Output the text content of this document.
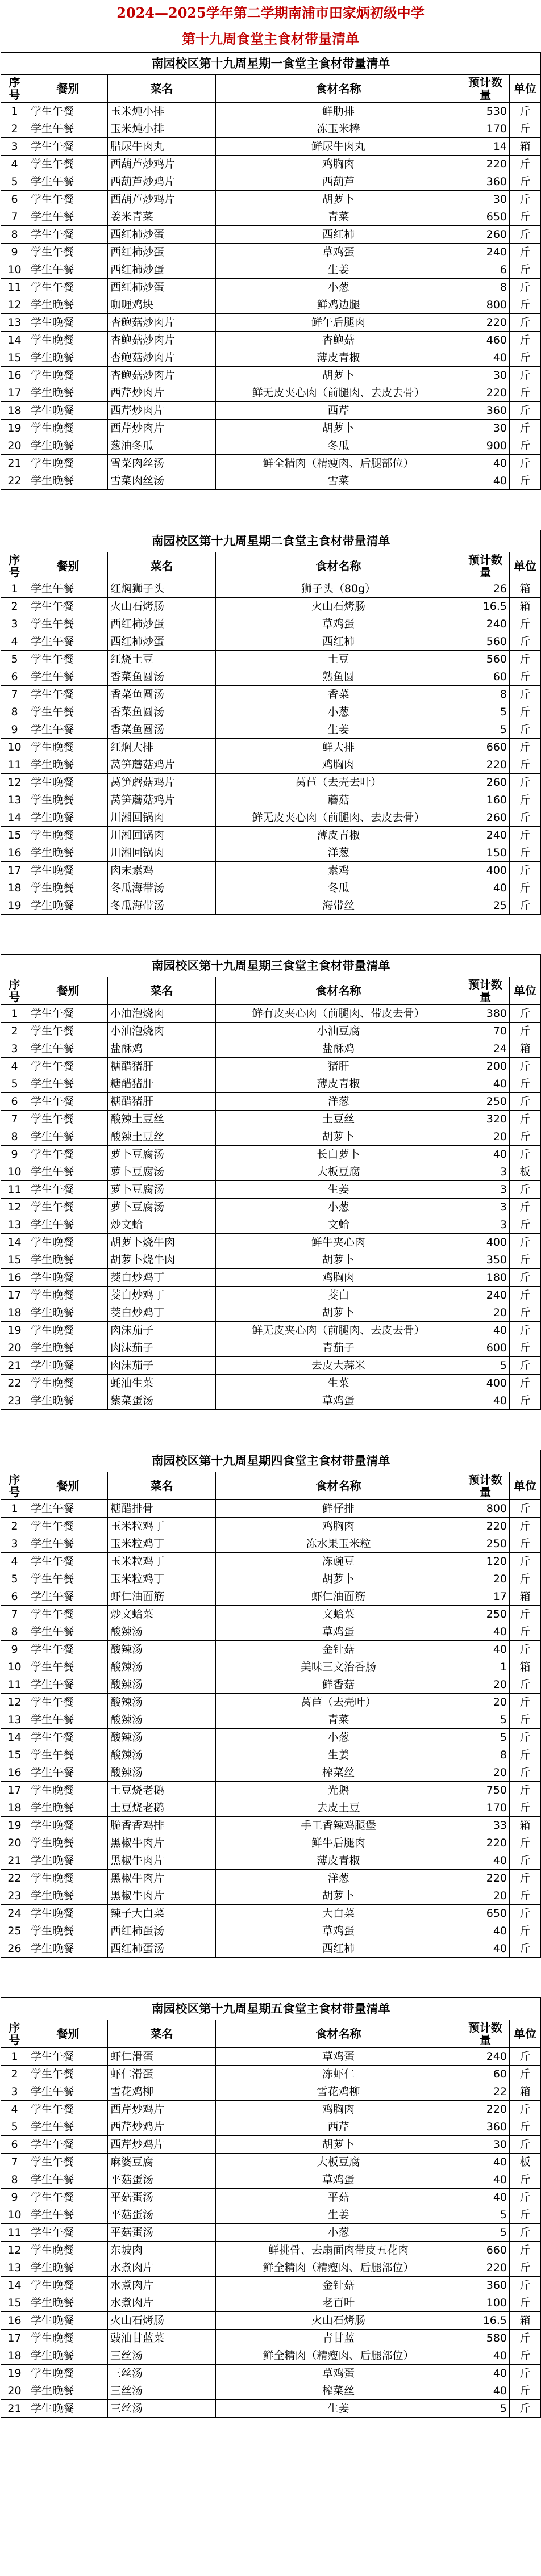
2024—2025学年第二学期南浦市田家炳初级中学
第十九周食堂主食材带量清单
南园校区第十九周星期一食堂主食材带量清单					
序号	餐别	菜名	食材名称	预计数量	单位
1	学生午餐	玉米炖小排	鲜肋排	530	斤
2	学生午餐	玉米炖小排	冻玉米棒	170	斤
3	学生午餐	腊尿牛肉丸	鲜尿牛肉丸	14	箱
4	学生午餐	西葫芦炒鸡片	鸡胸肉	220	斤
5	学生午餐	西葫芦炒鸡片	西葫芦	360	斤
6	学生午餐	西葫芦炒鸡片	胡萝卜	30	斤
7	学生午餐	姜米青菜	青菜	650	斤
8	学生午餐	西红柿炒蛋	西红柿	260	斤
9	学生午餐	西红柿炒蛋	草鸡蛋	240	斤
10	学生午餐	西红柿炒蛋	生姜	6	斤
11	学生午餐	西红柿炒蛋	小葱	8	斤
12	学生晚餐	咖喱鸡块	鲜鸡边腿	800	斤
13	学生晚餐	杏鲍菇炒肉片	鲜午后腿肉	220	斤
14	学生晚餐	杏鲍菇炒肉片	杏鲍菇	460	斤
15	学生晚餐	杏鲍菇炒肉片	薄皮青椒	40	斤
16	学生晚餐	杏鲍菇炒肉片	胡萝卜	30	斤
17	学生晚餐	西芹炒肉片	鲜无皮夹心肉（前腿肉、去皮去骨）	220	斤
18	学生晚餐	西芹炒肉片	西芹	360	斤
19	学生晚餐	西芹炒肉片	胡萝卜	30	斤
20	学生晚餐	葱油冬瓜	冬瓜	900	斤
21	学生晚餐	雪菜肉丝汤	鲜全精肉（精瘦肉、后腿部位）	40	斤
22	学生晚餐	雪菜肉丝汤	雪菜	40	斤
南园校区第十九周星期二食堂主食材带量清单					
序号	餐别	菜名	食材名称	预计数量	单位
1	学生午餐	红焖狮子头	狮子头（80g）	26	箱
2	学生午餐	火山石烤肠	火山石烤肠	16.5	箱
3	学生午餐	西红柿炒蛋	草鸡蛋	240	斤
4	学生午餐	西红柿炒蛋	西红柿	560	斤
5	学生午餐	红烧土豆	土豆	560	斤
6	学生午餐	香菜鱼圆汤	熟鱼圆	60	斤
7	学生午餐	香菜鱼圆汤	香菜	8	斤
8	学生午餐	香菜鱼圆汤	小葱	5	斤
9	学生午餐	香菜鱼圆汤	生姜	5	斤
10	学生晚餐	红焖大排	鲜大排	660	斤
11	学生晚餐	莴笋蘑菇鸡片	鸡胸肉	220	斤
12	学生晚餐	莴笋蘑菇鸡片	莴苣（去壳去叶）	260	斤
13	学生晚餐	莴笋蘑菇鸡片	蘑菇	160	斤
14	学生晚餐	川湘回锅肉	鲜无皮夹心肉（前腿肉、去皮去骨）	260	斤
15	学生晚餐	川湘回锅肉	薄皮青椒	240	斤
16	学生晚餐	川湘回锅肉	洋葱	150	斤
17	学生晚餐	肉末素鸡	素鸡	400	斤
18	学生晚餐	冬瓜海带汤	冬瓜	40	斤
19	学生晚餐	冬瓜海带汤	海带丝	25	斤
南园校区第十九周星期三食堂主食材带量清单					
序号	餐别	菜名	食材名称	预计数量	单位
1	学生午餐	小油泡烧肉	鲜有皮夹心肉（前腿肉、带皮去骨）	380	斤
2	学生午餐	小油泡烧肉	小油豆腐	70	斤
3	学生午餐	盐酥鸡	盐酥鸡	24	箱
4	学生午餐	糖醋猪肝	猪肝	200	斤
5	学生午餐	糖醋猪肝	薄皮青椒	40	斤
6	学生午餐	糖醋猪肝	洋葱	250	斤
7	学生午餐	酸辣土豆丝	土豆丝	320	斤
8	学生午餐	酸辣土豆丝	胡萝卜	20	斤
9	学生午餐	萝卜豆腐汤	长白萝卜	40	斤
10	学生午餐	萝卜豆腐汤	大板豆腐	3	板
11	学生午餐	萝卜豆腐汤	生姜	3	斤
12	学生午餐	萝卜豆腐汤	小葱	3	斤
13	学生午餐	炒文蛤	文蛤	3	斤
14	学生晚餐	胡萝卜烧牛肉	鲜牛夹心肉	400	斤
15	学生晚餐	胡萝卜烧牛肉	胡萝卜	350	斤
16	学生晚餐	茭白炒鸡丁	鸡胸肉	180	斤
17	学生晚餐	茭白炒鸡丁	茭白	240	斤
18	学生晚餐	茭白炒鸡丁	胡萝卜	20	斤
19	学生晚餐	肉沫茄子	鲜无皮夹心肉（前腿肉、去皮去骨）	40	斤
20	学生晚餐	肉沫茄子	青茄子	600	斤
21	学生晚餐	肉沫茄子	去皮大蒜米	5	斤
22	学生晚餐	蚝油生菜	生菜	400	斤
23	学生晚餐	紫菜蛋汤	草鸡蛋	40	斤
南园校区第十九周星期四食堂主食材带量清单					
序号	餐别	菜名	食材名称	预计数量	单位
1	学生午餐	糖醋排骨	鲜仔排	800	斤
2	学生午餐	玉米粒鸡丁	鸡胸肉	220	斤
3	学生午餐	玉米粒鸡丁	冻水果玉米粒	250	斤
4	学生午餐	玉米粒鸡丁	冻豌豆	120	斤
5	学生午餐	玉米粒鸡丁	胡萝卜	20	斤
6	学生午餐	虾仁油面筋	虾仁油面筋	17	箱
7	学生午餐	炒文蛤菜	文蛤菜	250	斤
8	学生午餐	酸辣汤	草鸡蛋	40	斤
9	学生午餐	酸辣汤	金针菇	40	斤
10	学生午餐	酸辣汤	美味三文治香肠	1	箱
11	学生午餐	酸辣汤	鲜香菇	20	斤
12	学生午餐	酸辣汤	莴苣（去壳叶）	20	斤
13	学生午餐	酸辣汤	青菜	5	斤
14	学生午餐	酸辣汤	小葱	5	斤
15	学生午餐	酸辣汤	生姜	8	斤
16	学生午餐	酸辣汤	榨菜丝	20	斤
17	学生晚餐	土豆烧老鹅	光鹅	750	斤
18	学生晚餐	土豆烧老鹅	去皮土豆	170	斤
19	学生晚餐	脆香香鸡排	手工香辣鸡腿堡	33	箱
20	学生晚餐	黑椒牛肉片	鲜牛后腿肉	220	斤
21	学生晚餐	黑椒牛肉片	薄皮青椒	40	斤
22	学生晚餐	黑椒牛肉片	洋葱	220	斤
23	学生晚餐	黑椒牛肉片	胡萝卜	20	斤
24	学生晚餐	辣子大白菜	大白菜	650	斤
25	学生晚餐	西红柿蛋汤	草鸡蛋	40	斤
26	学生晚餐	西红柿蛋汤	西红柿	40	斤
南园校区第十九周星期五食堂主食材带量清单					
序号	餐别	菜名	食材名称	预计数量	单位
1	学生午餐	虾仁滑蛋	草鸡蛋	240	斤
2	学生午餐	虾仁滑蛋	冻虾仁	60	斤
3	学生午餐	雪花鸡柳	雪花鸡柳	22	箱
4	学生午餐	西芹炒鸡片	鸡胸肉	220	斤
5	学生午餐	西芹炒鸡片	西芹	360	斤
6	学生午餐	西芹炒鸡片	胡萝卜	30	斤
7	学生午餐	麻婆豆腐	大板豆腐	40	板
8	学生午餐	平菇蛋汤	草鸡蛋	40	斤
9	学生午餐	平菇蛋汤	平菇	40	斤
10	学生午餐	平菇蛋汤	生姜	5	斤
11	学生午餐	平菇蛋汤	小葱	5	斤
12	学生晚餐	东坡肉	鲜挑骨、去扇面肉带皮五花肉	660	斤
13	学生晚餐	水煮肉片	鲜全精肉（精瘦肉、后腿部位）	220	斤
14	学生晚餐	水煮肉片	金针菇	360	斤
15	学生晚餐	水煮肉片	老百叶	100	斤
16	学生晚餐	火山石烤肠	火山石烤肠	16.5	箱
17	学生晚餐	豉油甘蓝菜	青甘蓝	580	斤
18	学生晚餐	三丝汤	鲜全精肉（精瘦肉、后腿部位）	40	斤
19	学生晚餐	三丝汤	草鸡蛋	40	斤
20	学生晚餐	三丝汤	榨菜丝	40	斤
21	学生晚餐	三丝汤	生姜	5	斤
